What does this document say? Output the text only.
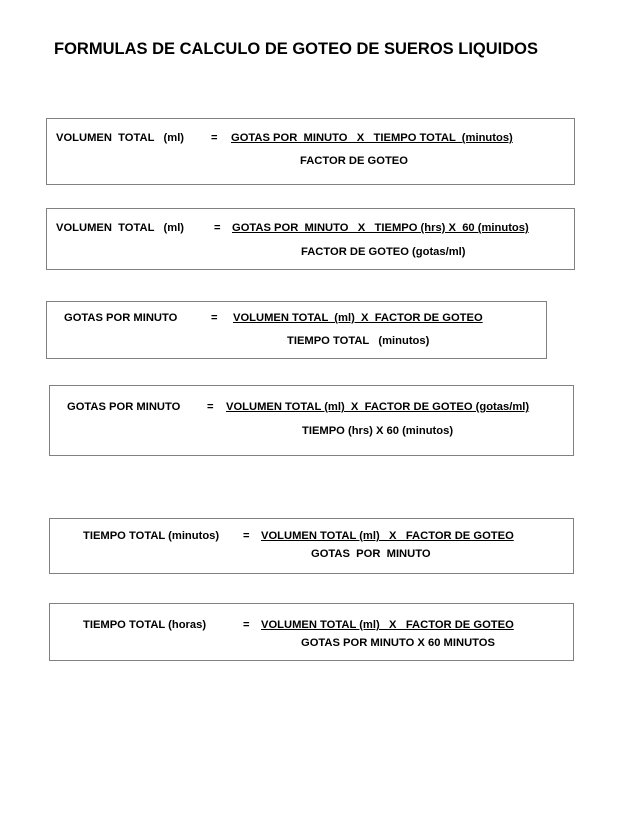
FORMULAS DE CALCULO DE GOTEO DE SUEROS LIQUIDOS
VOLUMEN  TOTAL   (ml) = GOTAS POR  MINUTO   X   TIEMPO TOTAL  (minutos)
FACTOR DE GOTEO
VOLUMEN  TOTAL   (ml)	= GOTAS POR  MINUTO   X   TIEMPO (hrs) X  60 (minutos)
FACTOR DE GOTEO (gotas/ml)
GOTAS POR MINUTO	= VOLUMEN TOTAL  (ml)  X  FACTOR DE GOTEO
TIEMPO TOTAL   (minutos)
GOTAS POR MINUTO = VOLUMEN TOTAL (ml)  X  FACTOR DE GOTEO (gotas/ml)
TIEMPO (hrs) X 60 (minutos)
TIEMPO TOTAL (minutos) = VOLUMEN TOTAL (ml)   X   FACTOR DE GOTEO
GOTAS  POR  MINUTO
TIEMPO TOTAL (horas)	= VOLUMEN TOTAL (ml)   X   FACTOR DE GOTEO
GOTAS POR MINUTO X 60 MINUTOS
